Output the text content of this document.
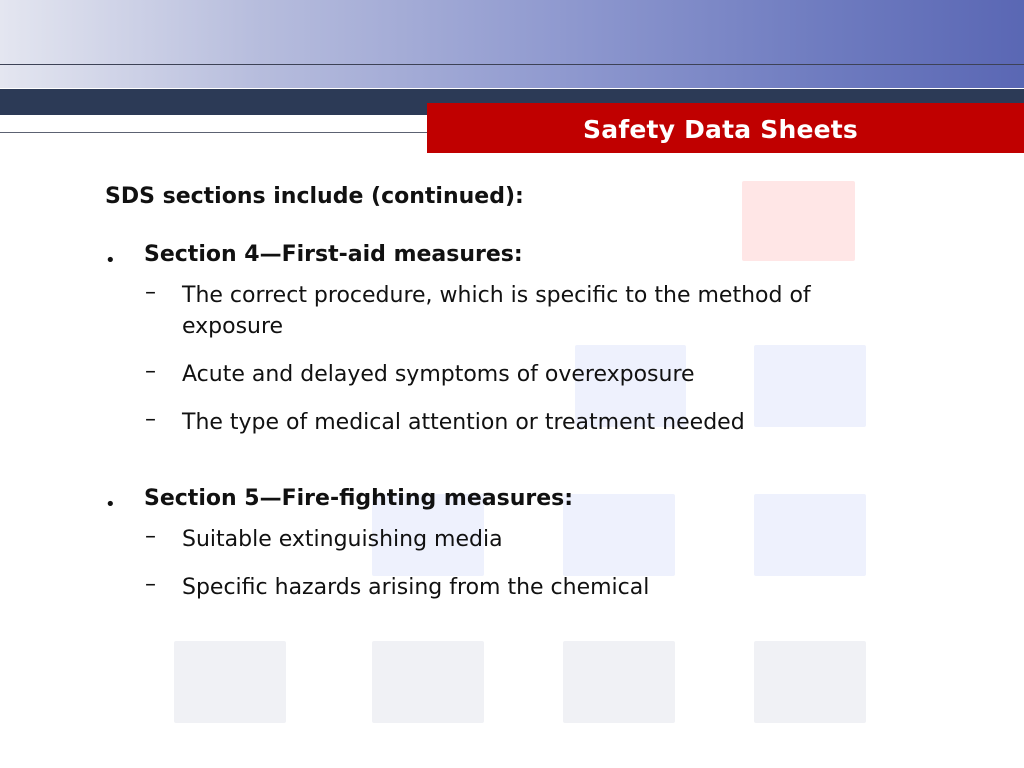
Safety Data Sheets
SDS sections include (continued):
• Section 4—First-aid measures:
– The correct procedure, which is specific to the method of exposure
– Acute and delayed symptoms of overexposure
– The type of medical attention or treatment needed
• Section 5—Fire-fighting measures:
– Suitable extinguishing media
– Specific hazards arising from the chemical
